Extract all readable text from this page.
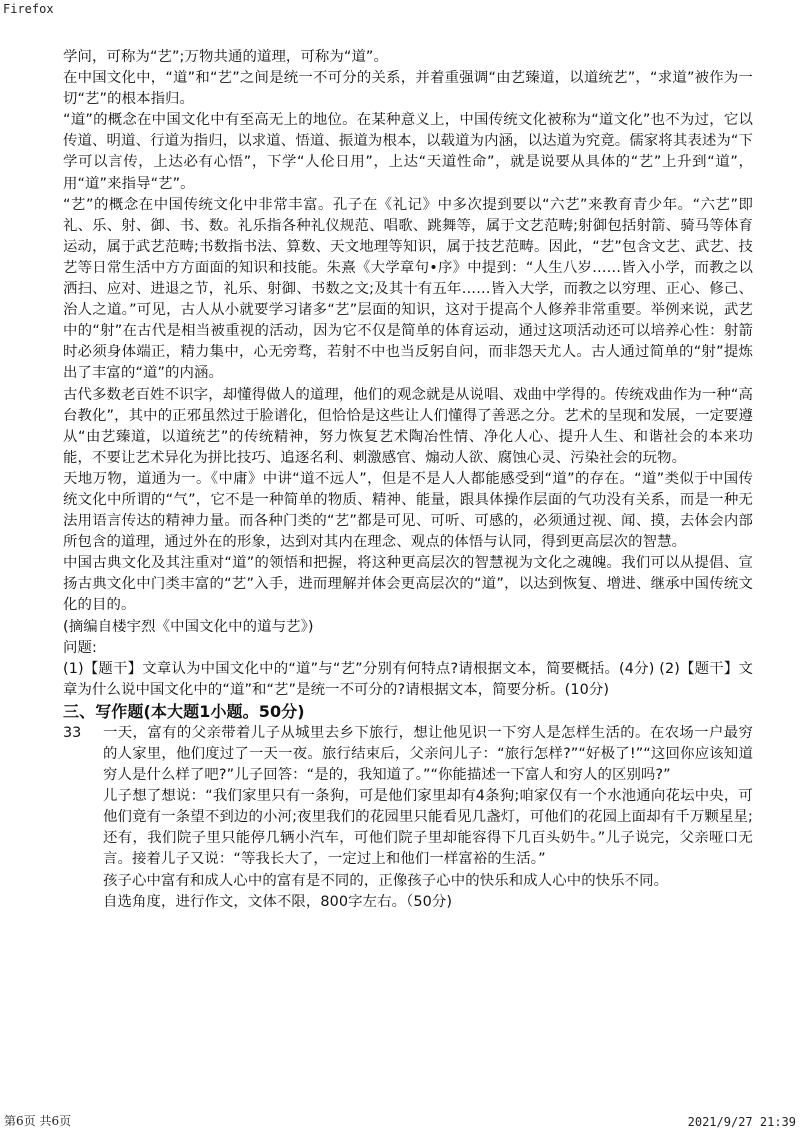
Firefox

学问，可称为“艺”;万物共通的道理，可称为“道”。

在中国文化中，“道”和“艺”之间是统一不可分的关系，并着重强调“由艺臻道，以道统艺”，“求道”被作为一切“艺”的根本指归。

“道”的概念在中国文化中有至高无上的地位。在某种意义上，中国传统文化被称为“道文化”也不为过，它以传道、明道、行道为指归，以求道、悟道、振道为根本，以载道为内涵，以达道为究竟。儒家将其表述为“下学可以言传，上达必有心悟”，下学“人伦日用”，上达“天道性命”，就是说要从具体的“艺”上升到“道”，用“道”来指导“艺”。

“艺”的概念在中国传统文化中非常丰富。孔子在《礼记》中多次提到要以“六艺”来教育青少年。“六艺”即礼、乐、射、御、书、数。礼乐指各种礼仪规范、唱歌、跳舞等，属于文艺范畴;射御包括射箭、骑马等体育运动，属于武艺范畴;书数指书法、算数、天文地理等知识，属于技艺范畴。因此，“艺”包含文艺、武艺、技艺等日常生活中方方面面的知识和技能。朱熹《大学章句•序》中提到：“人生八岁……皆入小学，而教之以洒扫、应对、进退之节，礼乐、射御、书数之文;及其十有五年……皆入大学，而教之以穷理、正心、修己、治人之道。”可见，古人从小就要学习诸多“艺”层面的知识，这对于提高个人修养非常重要。举例来说，武艺中的“射”在古代是相当被重视的活动，因为它不仅是简单的体育运动，通过这项活动还可以培养心性：射箭时必须身体端正，精力集中，心无旁骛，若射不中也当反躬自问，而非怨天尤人。古人通过简单的“射”提炼出了丰富的“道”的内涵。

古代多数老百姓不识字，却懂得做人的道理，他们的观念就是从说唱、戏曲中学得的。传统戏曲作为一种“高台教化”，其中的正邪虽然过于脸谱化，但恰恰是这些让人们懂得了善恶之分。艺术的呈现和发展，一定要遵从“由艺臻道，以道统艺”的传统精神，努力恢复艺术陶冶性情、净化人心、提升人生、和谐社会的本来功能，不要让艺术异化为拼比技巧、追逐名利、刺激感官、煽动人欲、腐蚀心灵、污染社会的玩物。

天地万物，道通为一。《中庸》中讲“道不远人”，但是不是人人都能感受到“道”的存在。“道”类似于中国传统文化中所谓的“气”，它不是一种简单的物质、精神、能量，跟具体操作层面的气功没有关系，而是一种无法用语言传达的精神力量。而各种门类的“艺”都是可见、可听、可感的，必须通过视、闻、摸，去体会内部所包含的道理，通过外在的形象，达到对其内在理念、观点的体悟与认同，得到更高层次的智慧。

中国古典文化及其注重对“道”的领悟和把握，将这种更高层次的智慧视为文化之魂魄。我们可以从提倡、宣扬古典文化中门类丰富的“艺”入手，进而理解并体会更高层次的“道”，以达到恢复、增进、继承中国传统文化的目的。

(摘编自楼宇烈《中国文化中的道与艺》)

问题:

(1)【题干】文章认为中国文化中的“道”与“艺”分别有何特点?请根据文本，简要概括。(4分) (2)【题干】文章为什么说中国文化中的“道”和“艺”是统一不可分的?请根据文本，简要分析。(10分)

三、写作题(本大题1小题。50分)

33 一天，富有的父亲带着儿子从城里去乡下旅行，想让他见识一下穷人是怎样生活的。在农场一户最穷的人家里，他们度过了一天一夜。旅行结束后，父亲问儿子：“旅行怎样?”“好极了!”“这回你应该知道穷人是什么样了吧?”儿子回答：“是的，我知道了。”“你能描述一下富人和穷人的区别吗?”

儿子想了想说：“我们家里只有一条狗，可是他们家里却有4条狗;咱家仅有一个水池通向花坛中央，可他们竟有一条望不到边的小河;夜里我们的花园里只能看见几盏灯，可他们的花园上面却有千万颗星星;还有，我们院子里只能停几辆小汽车，可他们院子里却能容得下几百头奶牛。”儿子说完，父亲哑口无言。接着儿子又说：“等我长大了，一定过上和他们一样富裕的生活。”

孩子心中富有和成人心中的富有是不同的，正像孩子心中的快乐和成人心中的快乐不同。

自选角度，进行作文，文体不限，800字左右。（50分)

第6页 共6页	2021/9/27 21:39
